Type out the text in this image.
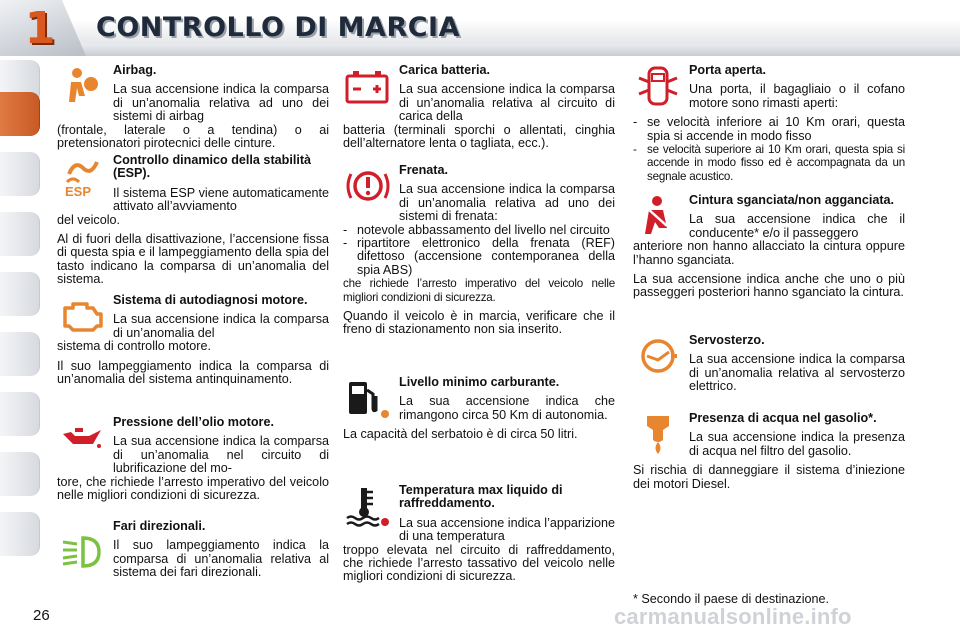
1 CONTROLLO DI MARCIA
Airbag.

La sua accensione indica la comparsa di un’anomalia relativa ad uno dei sistemi di airbag

(frontale, laterale o a tendina) o ai pretensionatori pirotecnici delle cinture.

ESP
Controllo dinamico della stabilità (ESP).

Il sistema ESP viene automaticamente attivato all’avviamento

del veicolo.

Al di fuori della disattivazione, l’accensione fissa di questa spia e il lampeggiamento della spia del tasto indicano la comparsa di un’anomalia del sistema.

Sistema di autodiagnosi motore.

La sua accensione indica la comparsa di un’anomalia del

sistema di controllo motore.

Il suo lampeggiamento indica la comparsa di un’anomalia del sistema antinquinamento.

Pressione dell’olio motore.

La sua accensione indica la comparsa di un’anomalia nel circuito di lubrificazione del mo-

tore, che richiede l’arresto imperativo del veicolo nelle migliori condizioni di sicurezza.

Fari direzionali.

Il suo lampeggiamento indica la comparsa di un’anomalia relativa al sistema dei fari direzionali.

Carica batteria.

La sua accensione indica la comparsa di un’anomalia relativa al circuito di carica della

batteria (terminali sporchi o allentati, cinghia dell’alternatore lenta o tagliata, ecc.).

Frenata.

La sua accensione indica la comparsa di un’anomalia relativa ad uno dei sistemi di frenata:

- notevole abbassamento del livello nel circuito
- ripartitore elettronico della frenata (REF) difettoso (accensione contemporanea della spia ABS)

che richiede l’arresto imperativo del veicolo nelle migliori condizioni di sicurezza.

Quando il veicolo è in marcia, verificare che il freno di stazionamento non sia inserito.

Livello minimo carburante.

La sua accensione indica che rimangono circa 50 Km di autonomia.

La capacità del serbatoio è di circa 50 litri.

Temperatura max liquido di raffreddamento.

La sua accensione indica l’apparizione di una temperatura

troppo elevata nel circuito di raffreddamento, che richiede l’arresto tassativo del veicolo nelle migliori condizioni di sicurezza.

Porta aperta.

Una porta, il bagagliaio o il cofano motore sono rimasti aperti:

- se velocità inferiore ai 10 Km orari, questa spia si accende in modo fisso
- se velocità superiore ai 10 Km orari, questa spia si accende in modo fisso ed è accompagnata da un segnale acustico.
Cintura sganciata/non agganciata.

La sua accensione indica che il conducente* e/o il passeggero

anteriore non hanno allacciato la cintura oppure l’hanno sganciata.

La sua accensione indica anche che uno o più passeggeri posteriori hanno sganciato la cintura.

Servosterzo.

La sua accensione indica la comparsa di un’anomalia relativa al servosterzo elettrico.

Presenza di acqua nel gasolio*.

La sua accensione indica la presenza di acqua nel filtro del gasolio.

Si rischia di danneggiare il sistema d’iniezione dei motori Diesel.

* Secondo il paese di destinazione.
26	carmanualsonline.info
